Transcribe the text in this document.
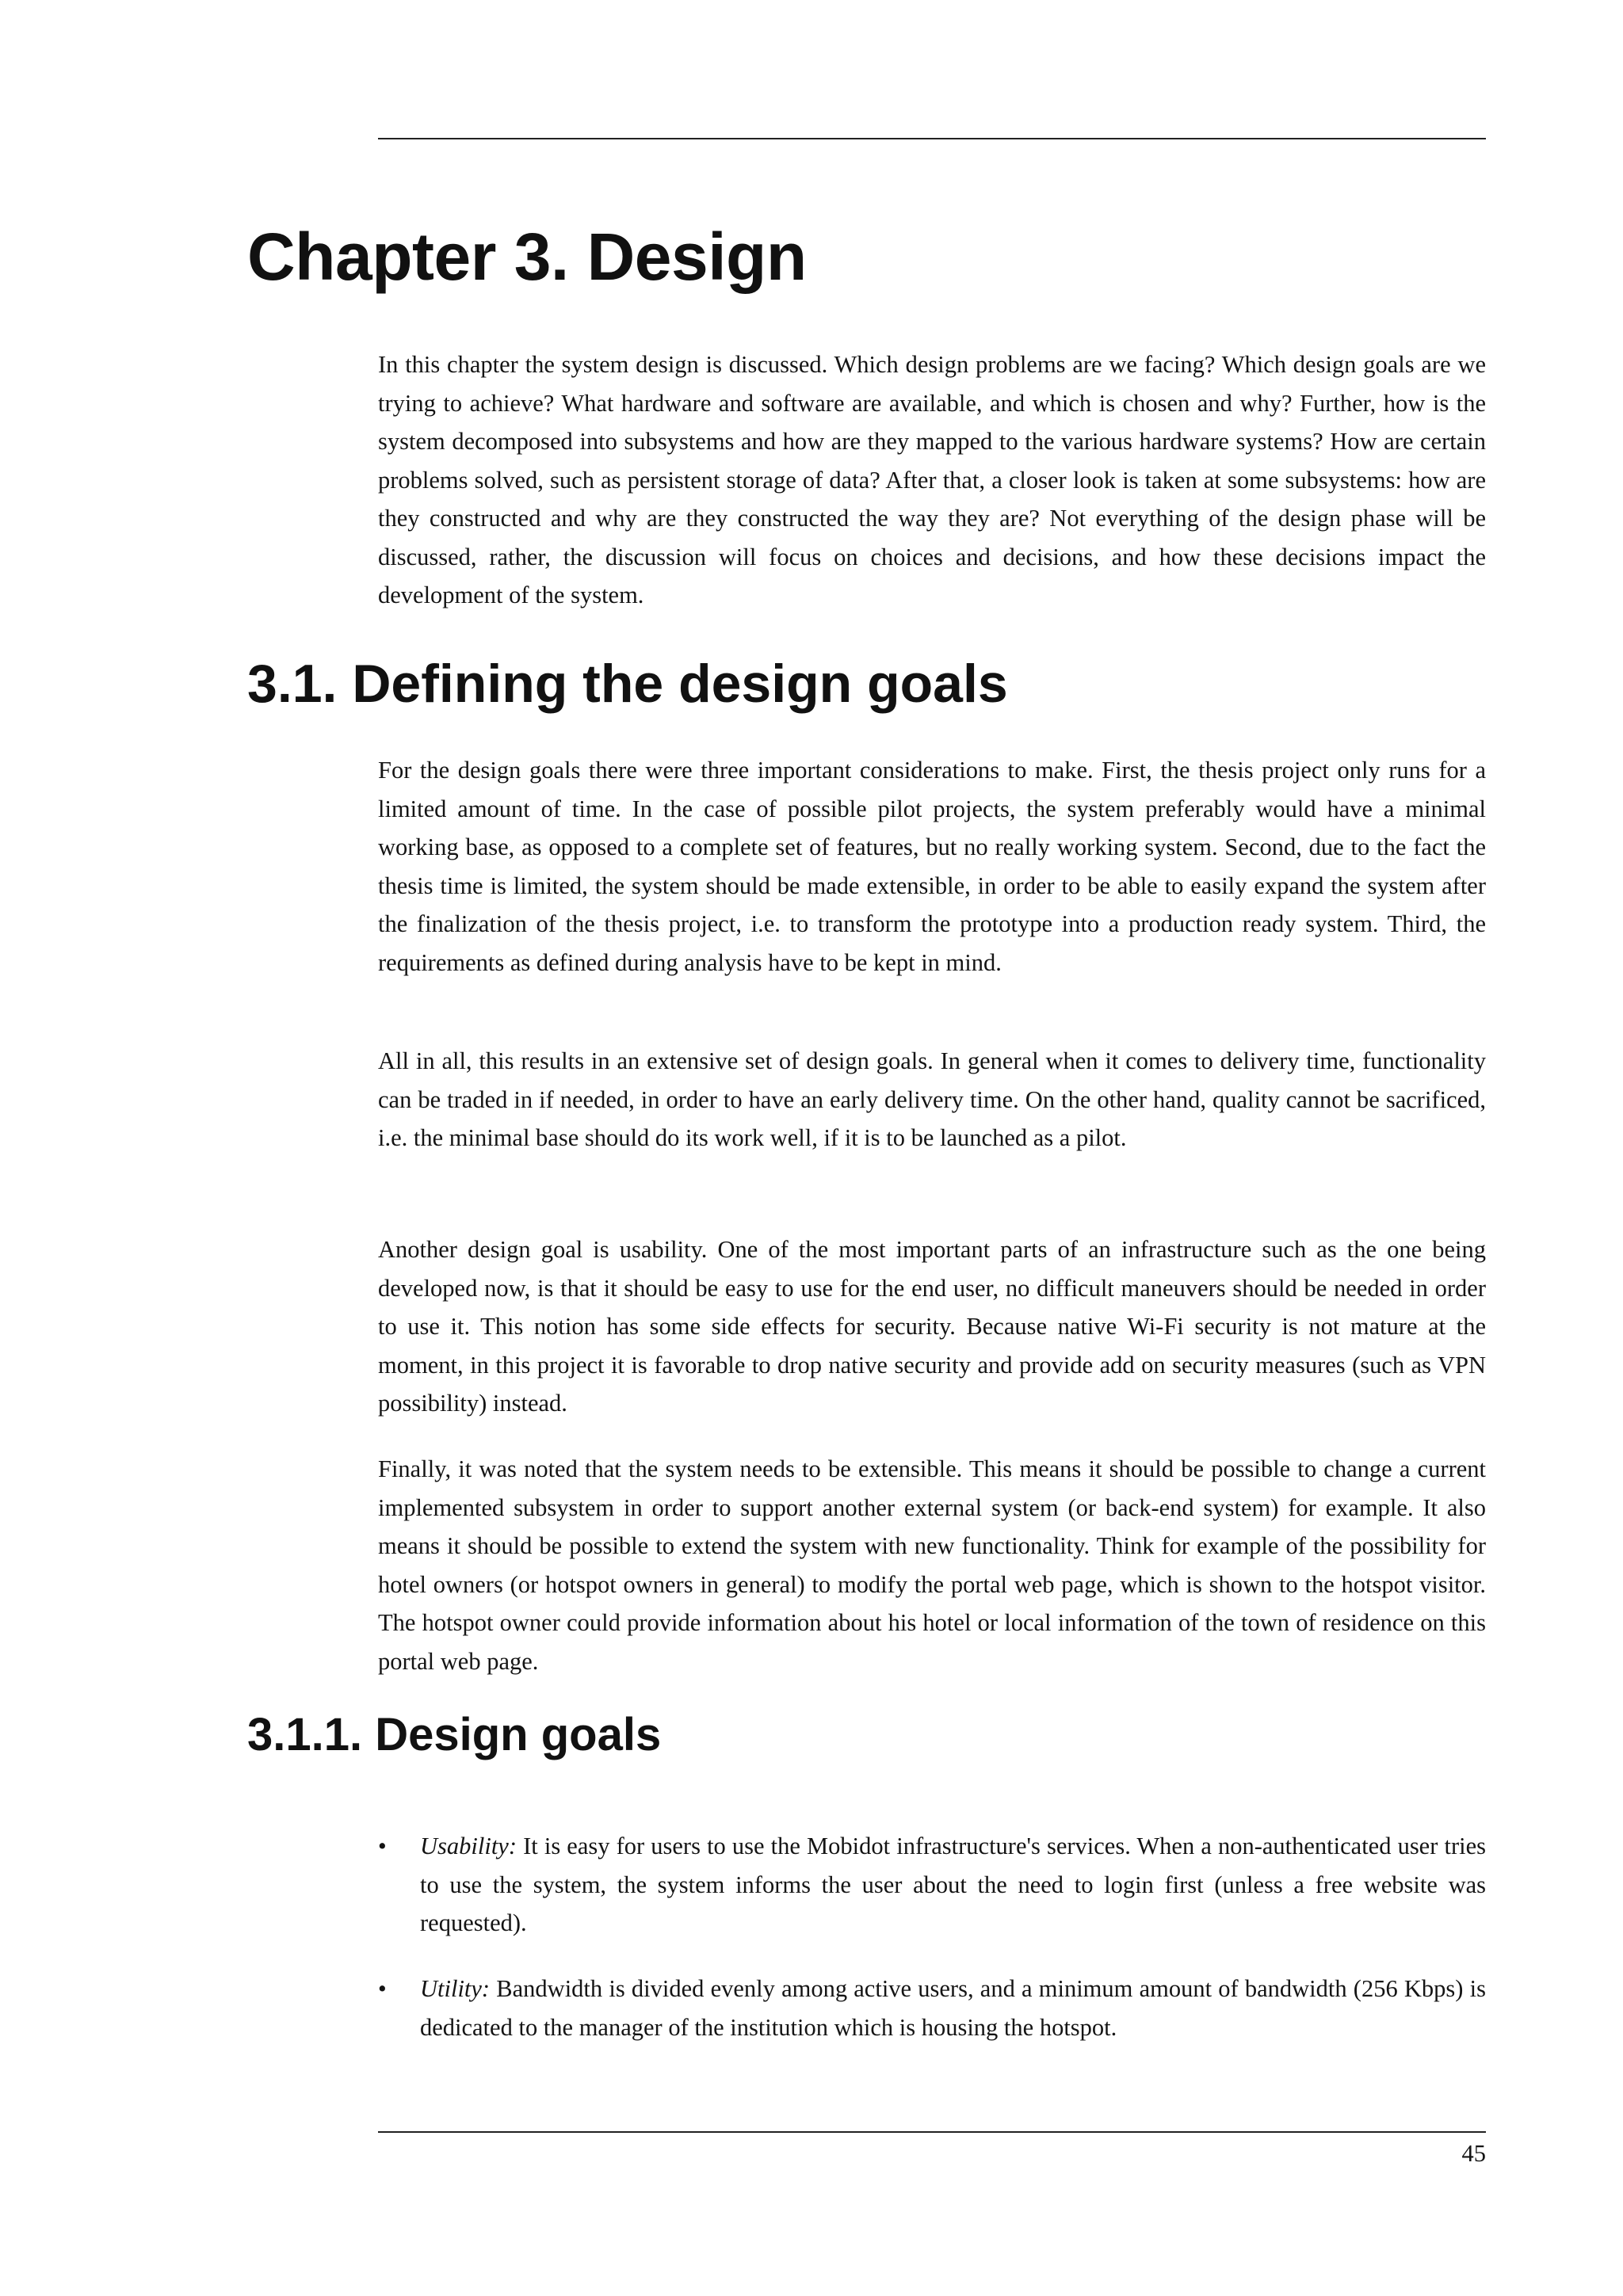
Chapter 3. Design

In this chapter the system design is discussed. Which design problems are we facing? Which design goals are we trying to achieve? What hardware and software are available, and which is chosen and why? Further, how is the system decomposed into subsystems and how are they mapped to the various hardware systems? How are certain problems solved, such as persistent storage of data? After that, a closer look is taken at some subsystems: how are they constructed and why are they constructed the way they are? Not everything of the design phase will be discussed, rather, the discussion will focus on choices and decisions, and how these decisions impact the development of the system.

3.1. Defining the design goals

For the design goals there were three important considerations to make. First, the thesis project only runs for a limited amount of time. In the case of possible pilot projects, the system preferably would have a minimal working base, as opposed to a complete set of features, but no really working system. Second, due to the fact the thesis time is limited, the system should be made extensible, in order to be able to easily expand the system after the finalization of the thesis project, i.e. to transform the prototype into a production ready system. Third, the requirements as defined during analysis have to be kept in mind.

All in all, this results in an extensive set of design goals. In general when it comes to delivery time, functionality can be traded in if needed, in order to have an early delivery time. On the other hand, quality cannot be sacrificed, i.e. the minimal base should do its work well, if it is to be launched as a pilot.

Another design goal is usability. One of the most important parts of an infrastructure such as the one being developed now, is that it should be easy to use for the end user, no difficult maneuvers should be needed in order to use it. This notion has some side effects for security. Because native Wi-Fi security is not mature at the moment, in this project it is favorable to drop native security and provide add on security measures (such as VPN possibility) instead.

Finally, it was noted that the system needs to be extensible. This means it should be possible to change a current implemented subsystem in order to support another external system (or back-end system) for example. It also means it should be possible to extend the system with new functionality. Think for example of the possibility for hotel owners (or hotspot owners in general) to modify the portal web page, which is shown to the hotspot visitor. The hotspot owner could provide information about his hotel or local information of the town of residence on this portal web page.

3.1.1. Design goals
•	Usability: It is easy for users to use the Mobidot infrastructure's services. When a non-authenticated user tries to use the system, the system informs the user about the need to login first (unless a free website was requested).
•	Utility: Bandwidth is divided evenly among active users, and a minimum amount of bandwidth (256 Kbps) is dedicated to the manager of the institution which is housing the hotspot.
45
